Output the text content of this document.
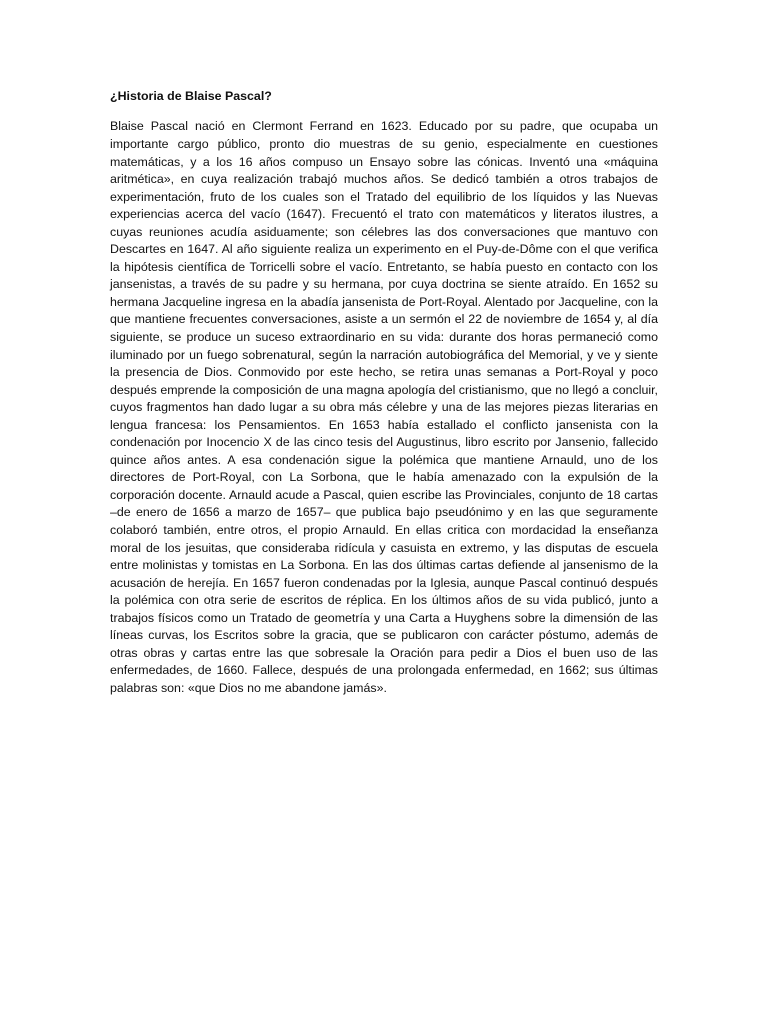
¿Historia de Blaise Pascal?

Blaise Pascal nació en Clermont Ferrand en 1623. Educado por su padre, que ocupaba un importante cargo público, pronto dio muestras de su genio, especialmente en cuestiones matemáticas, y a los 16 años compuso un Ensayo sobre las cónicas. Inventó una «máquina aritmética», en cuya realización trabajó muchos años. Se dedicó también a otros trabajos de experimentación, fruto de los cuales son el Tratado del equilibrio de los líquidos y las Nuevas experiencias acerca del vacío (1647). Frecuentó el trato con matemáticos y literatos ilustres, a cuyas reuniones acudía asiduamente; son célebres las dos conversaciones que mantuvo con Descartes en 1647. Al año siguiente realiza un experimento en el Puy-de-Dôme con el que verifica la hipótesis científica de Torricelli sobre el vacío. Entretanto, se había puesto en contacto con los jansenistas, a través de su padre y su hermana, por cuya doctrina se siente atraído. En 1652 su hermana Jacqueline ingresa en la abadía jansenista de Port-Royal. Alentado por Jacqueline, con la que mantiene frecuentes conversaciones, asiste a un sermón el 22 de noviembre de 1654 y, al día siguiente, se produce un suceso extraordinario en su vida: durante dos horas permaneció como iluminado por un fuego sobrenatural, según la narración autobiográfica del Memorial, y ve y siente la presencia de Dios. Conmovido por este hecho, se retira unas semanas a Port-Royal y poco después emprende la composición de una magna apología del cristianismo, que no llegó a concluir, cuyos fragmentos han dado lugar a su obra más célebre y una de las mejores piezas literarias en lengua francesa: los Pensamientos. En 1653 había estallado el conflicto jansenista con la condenación por Inocencio X de las cinco tesis del Augustinus, libro escrito por Jansenio, fallecido quince años antes. A esa condenación sigue la polémica que mantiene Arnauld, uno de los directores de Port-Royal, con La Sorbona, que le había amenazado con la expulsión de la corporación docente. Arnauld acude a Pascal, quien escribe las Provinciales, conjunto de 18 cartas –de enero de 1656 a marzo de 1657– que publica bajo pseudónimo y en las que seguramente colaboró también, entre otros, el propio Arnauld. En ellas critica con mordacidad la enseñanza moral de los jesuitas, que consideraba ridícula y casuista en extremo, y las disputas de escuela entre molinistas y tomistas en La Sorbona. En las dos últimas cartas defiende al jansenismo de la acusación de herejía. En 1657 fueron condenadas por la Iglesia, aunque Pascal continuó después la polémica con otra serie de escritos de réplica. En los últimos años de su vida publicó, junto a trabajos físicos como un Tratado de geometría y una Carta a Huyghens sobre la dimensión de las líneas curvas, los Escritos sobre la gracia, que se publicaron con carácter póstumo, además de otras obras y cartas entre las que sobresale la Oración para pedir a Dios el buen uso de las enfermedades, de 1660. Fallece, después de una prolongada enfermedad, en 1662; sus últimas palabras son: «que Dios no me abandone jamás».
